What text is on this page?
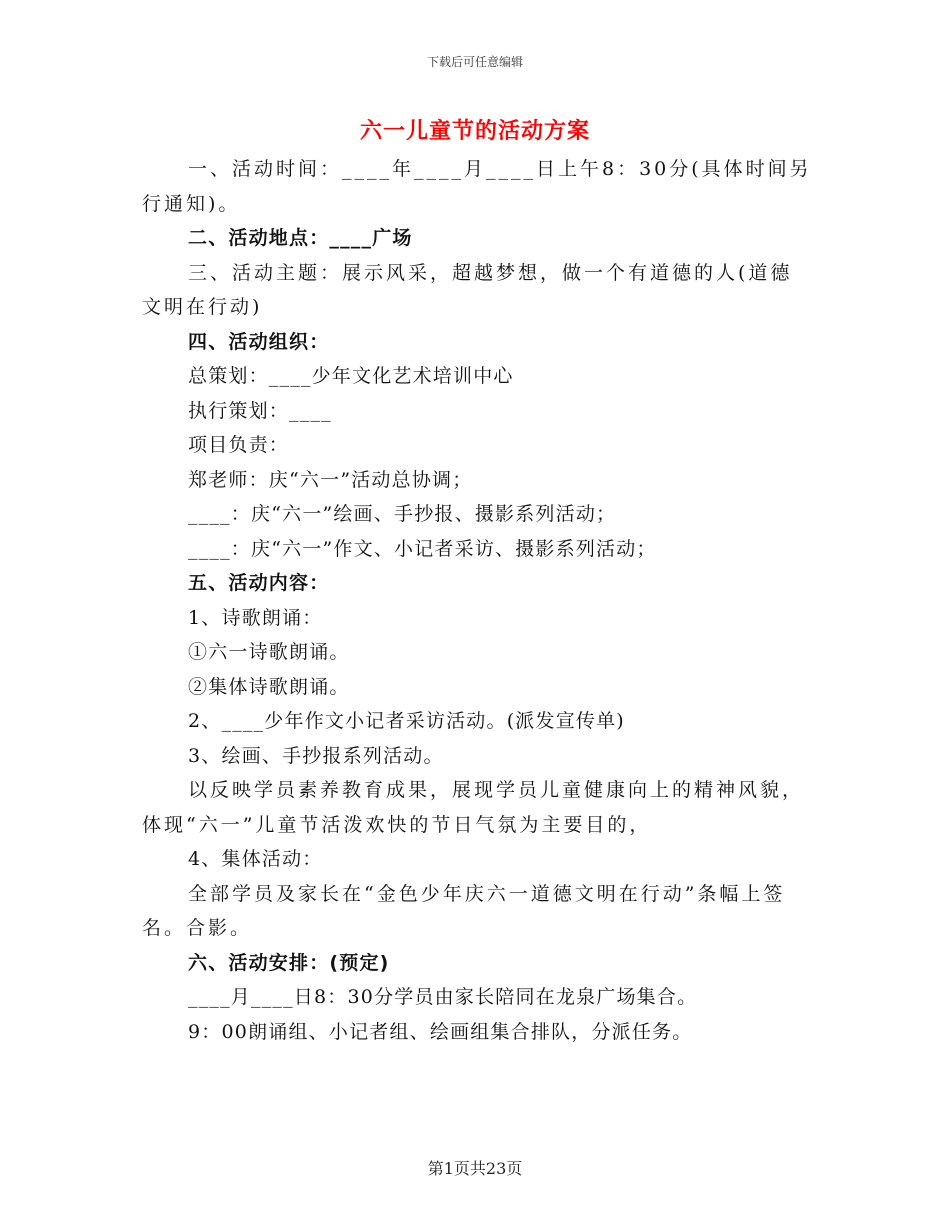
下载后可任意编辑
六一儿童节的活动方案
一、活动时间：____年____月____日上午8：30分(具体时间另行通知)。
二、活动地点：____广场
三、活动主题：展示风采，超越梦想，做一个有道德的人(道德文明在行动)
四、活动组织：
总策划：____少年文化艺术培训中心
执行策划：____
项目负责：
郑老师：庆“六一”活动总协调；
____：庆“六一”绘画、手抄报、摄影系列活动；
____：庆“六一”作文、小记者采访、摄影系列活动；
五、活动内容：
1、诗歌朗诵：
①六一诗歌朗诵。
②集体诗歌朗诵。
2、____少年作文小记者采访活动。(派发宣传单)
3、绘画、手抄报系列活动。
以反映学员素养教育成果，展现学员儿童健康向上的精神风貌，体现“六一”儿童节活泼欢快的节日气氛为主要目的，
4、集体活动：
全部学员及家长在“金色少年庆六一道德文明在行动”条幅上签名。合影。
六、活动安排：(预定)
____月____日8：30分学员由家长陪同在龙泉广场集合。
9：00朗诵组、小记者组、绘画组集合排队，分派任务。
第1页共23页
